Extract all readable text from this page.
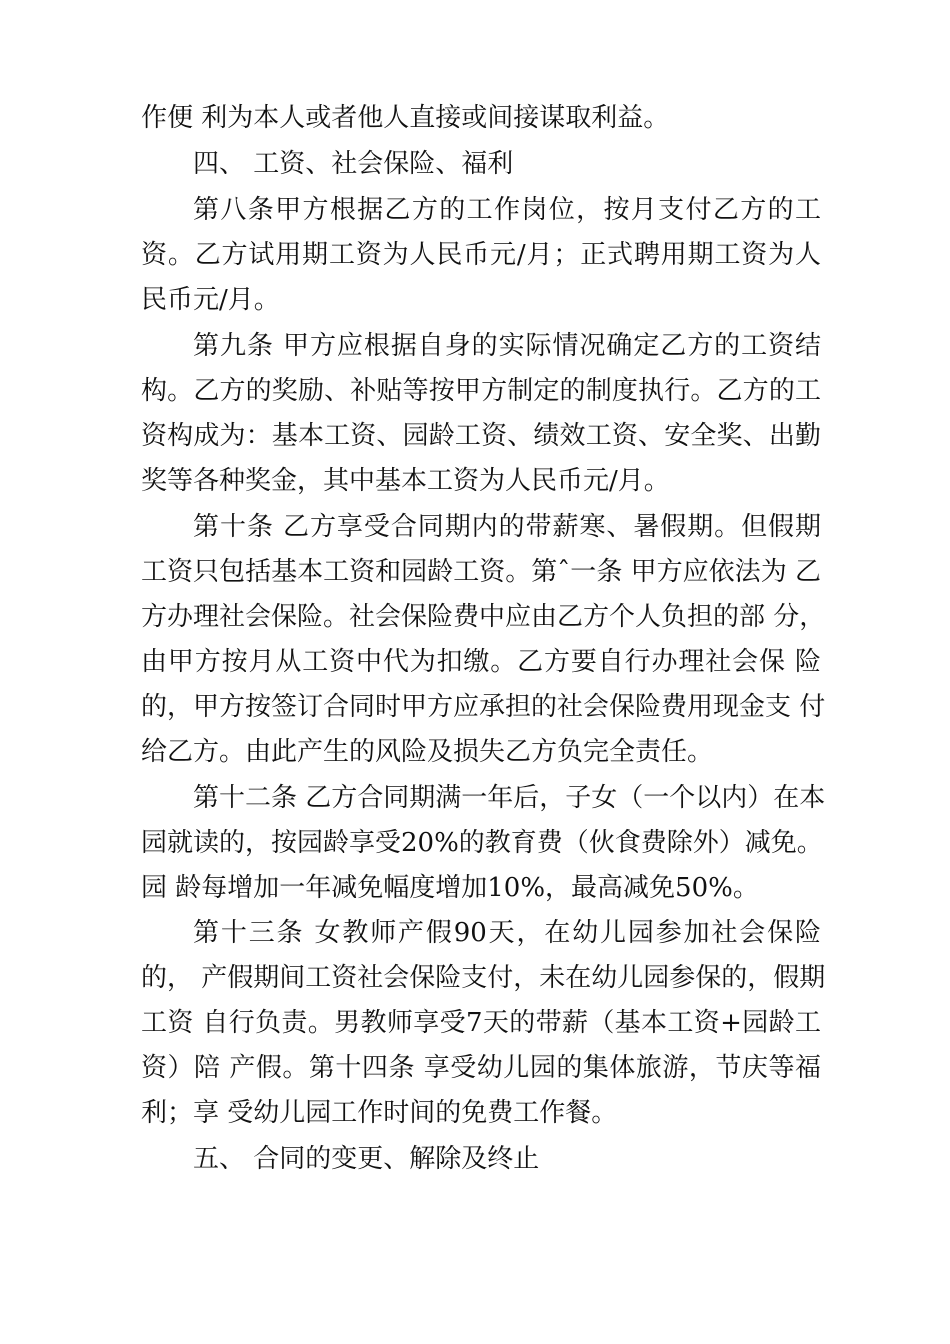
作便 利为本人或者他人直接或间接谋取利益。
四、 工资、社会保险、福利
第八条甲方根据乙方的工作岗位，按月支付乙方的工
资。乙方试用期工资为人民币元/月；正式聘用期工资为人
民币元/月。
第九条 甲方应根据自身的实际情况确定乙方的工资结
构。乙方的奖励、补贴等按甲方制定的制度执行。乙方的工
资构成为：基本工资、园龄工资、绩效工资、安全奖、出勤
奖等各种奖金，其中基本工资为人民币元/月。
第十条 乙方享受合同期内的带薪寒、暑假期。但假期
工资只包括基本工资和园龄工资。第ˆ一条 甲方应依法为 乙
方办理社会保险。社会保险费中应由乙方个人负担的部 分，
由甲方按月从工资中代为扣缴。乙方要自行办理社会保 险
的，甲方按签订合同时甲方应承担的社会保险费用现金支 付
给乙方。由此产生的风险及损失乙方负完全责任。
第十二条 乙方合同期满一年后，子女（一个以内）在本
园就读的，按园龄享受20%的教育费（伙食费除外）减免。
园 龄每增加一年减免幅度增加10%，最高减免50%。
第十三条 女教师产假90天，在幼儿园参加社会保险
的， 产假期间工资社会保险支付，未在幼儿园参保的，假期
工资 自行负责。男教师享受7天的带薪（基本工资+园龄工
资）陪 产假。第十四条 享受幼儿园的集体旅游，节庆等福
利；享 受幼儿园工作时间的免费工作餐。
五、 合同的变更、解除及终止
